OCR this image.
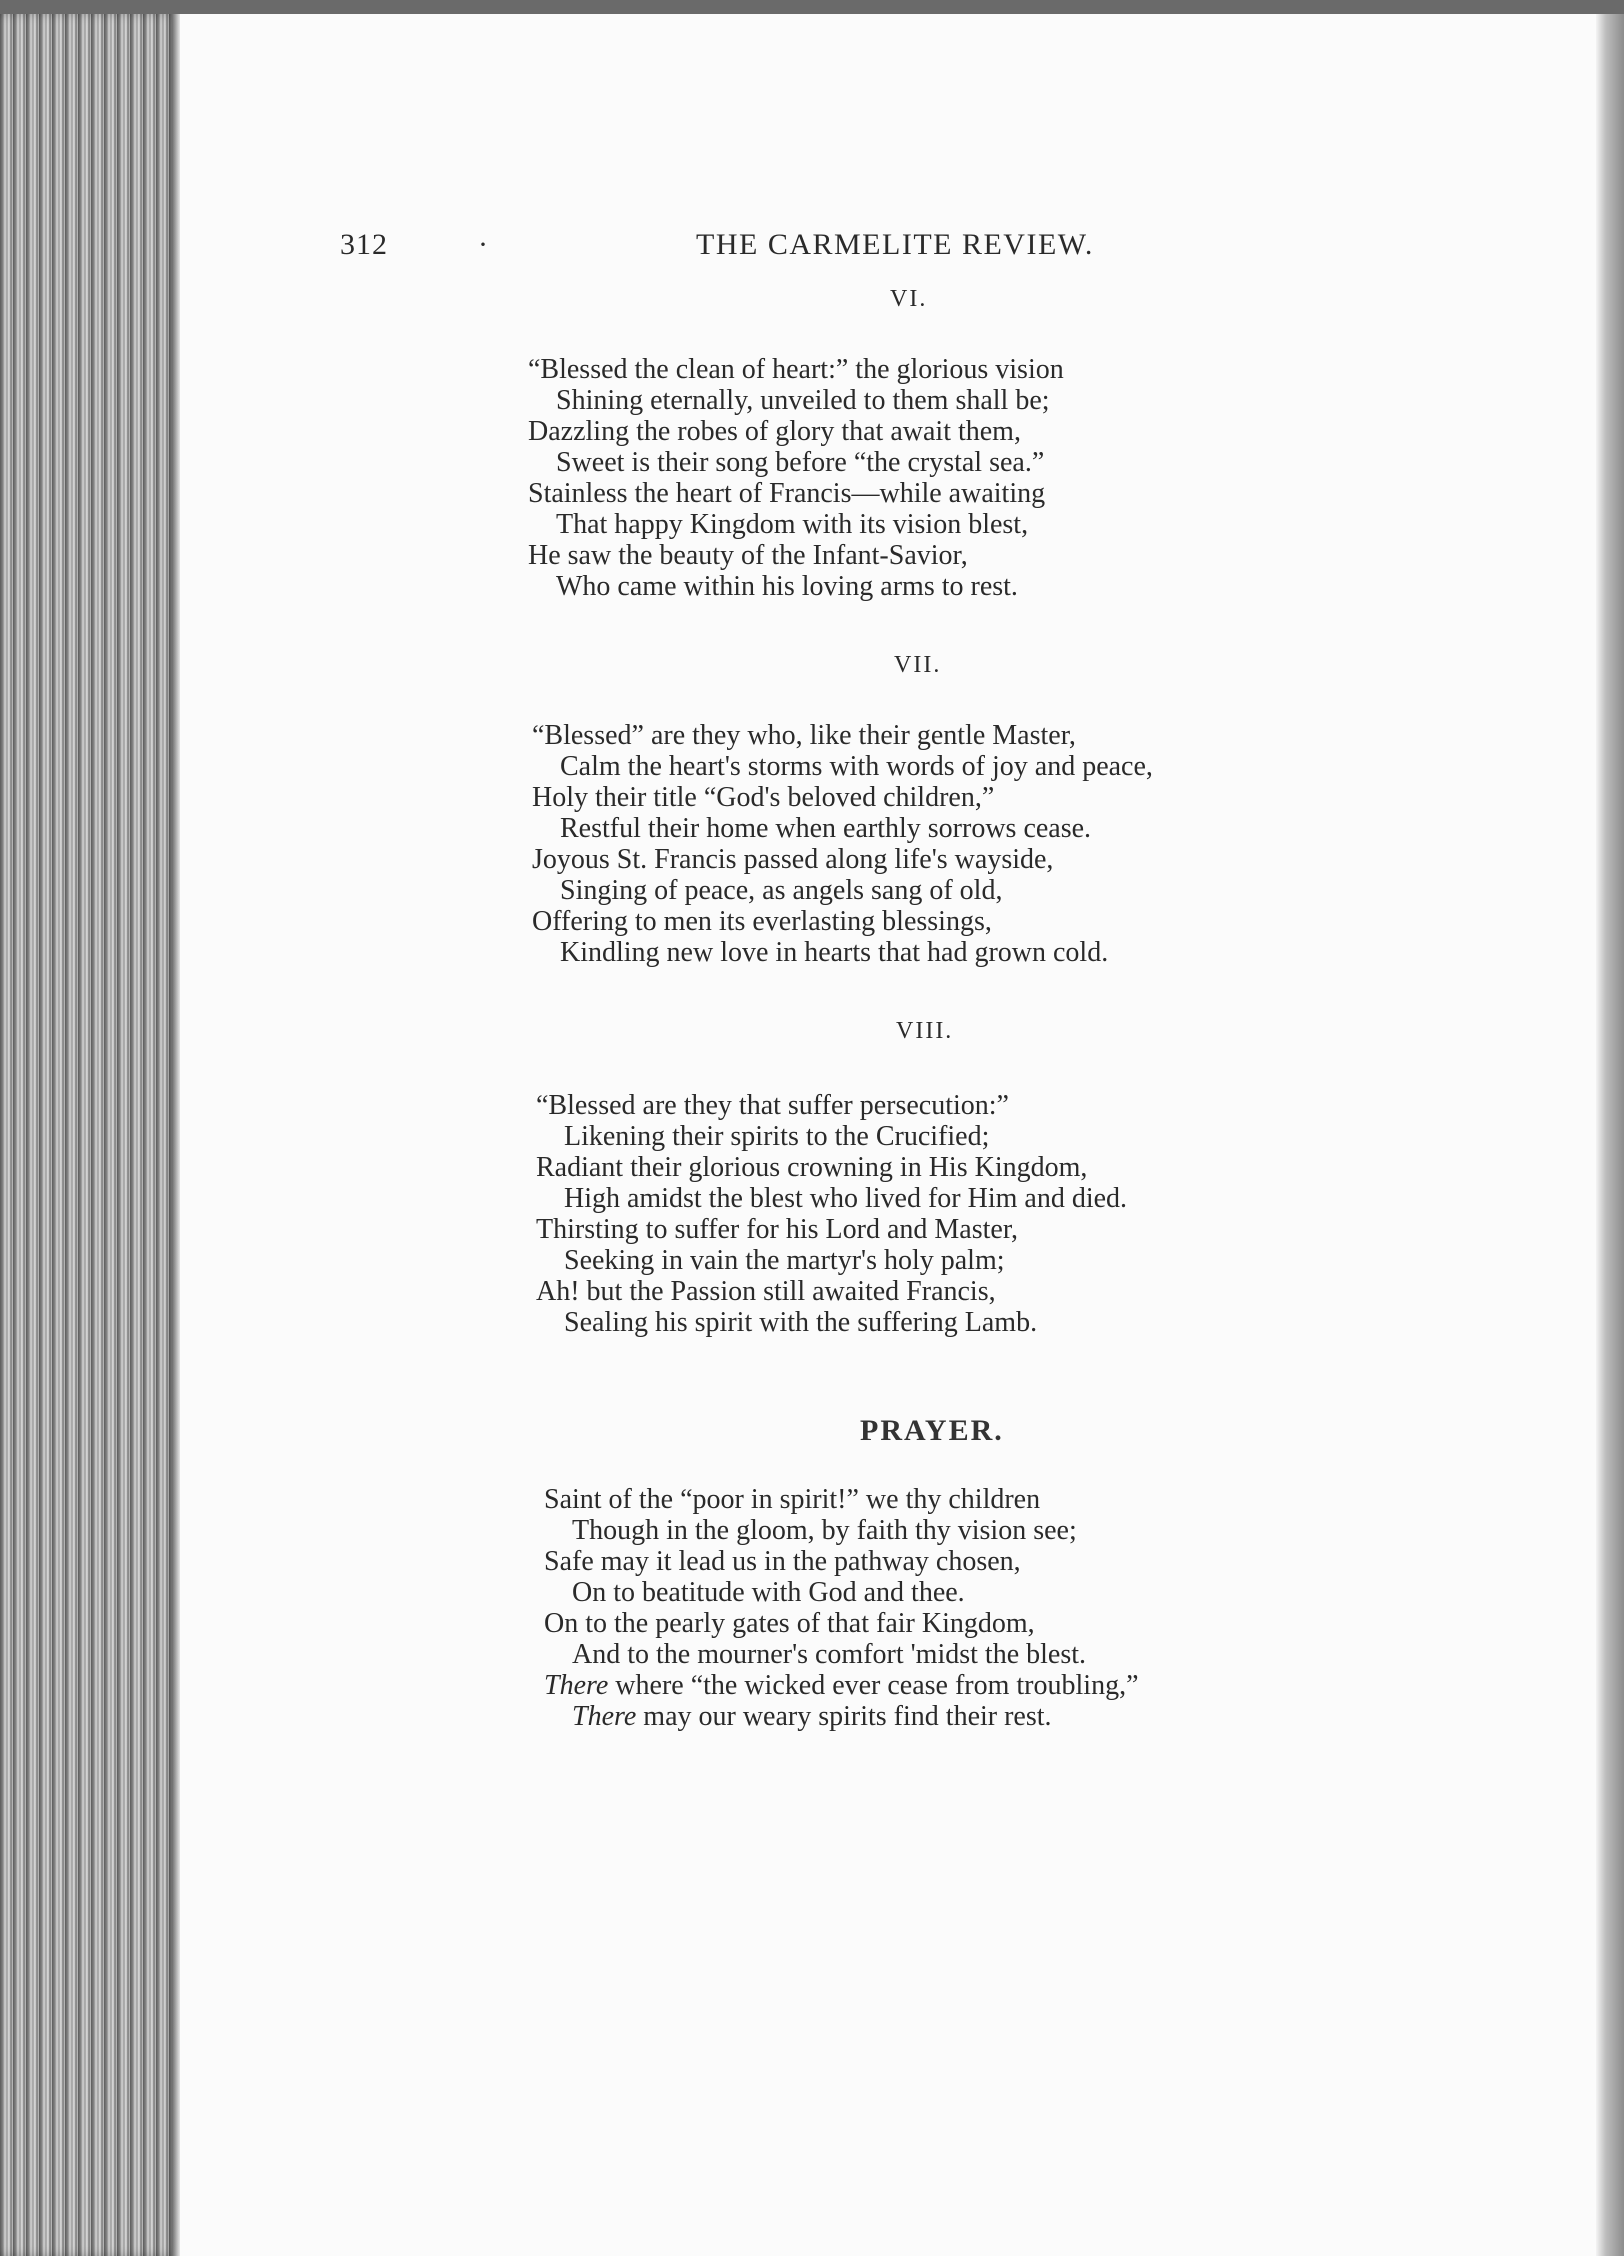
312	·	THE CARMELITE REVIEW.
VI.
“Blessed the clean of heart:” the glorious vision
Shining eternally, unveiled to them shall be;
Dazzling the robes of glory that await them,
Sweet is their song before “the crystal sea.”
Stainless the heart of Francis—while awaiting
That happy Kingdom with its vision blest,
He saw the beauty of the Infant-Savior,
Who came within his loving arms to rest.
VII.
“Blessed” are they who, like their gentle Master,
Calm the heart's storms with words of joy and peace,
Holy their title “God's beloved children,”
Restful their home when earthly sorrows cease.
Joyous St. Francis passed along life's wayside,
Singing of peace, as angels sang of old,
Offering to men its everlasting blessings,
Kindling new love in hearts that had grown cold.
VIII.
“Blessed are they that suffer persecution:”
Likening their spirits to the Crucified;
Radiant their glorious crowning in His Kingdom,
High amidst the blest who lived for Him and died.
Thirsting to suffer for his Lord and Master,
Seeking in vain the martyr's holy palm;
Ah! but the Passion still awaited Francis,
Sealing his spirit with the suffering Lamb.
PRAYER.
Saint of the “poor in spirit!” we thy children
Though in the gloom, by faith thy vision see;
Safe may it lead us in the pathway chosen,
On to beatitude with God and thee.
On to the pearly gates of that fair Kingdom,
And to the mourner's comfort 'midst the blest.
There where “the wicked ever cease from troubling,”
There may our weary spirits find their rest.
